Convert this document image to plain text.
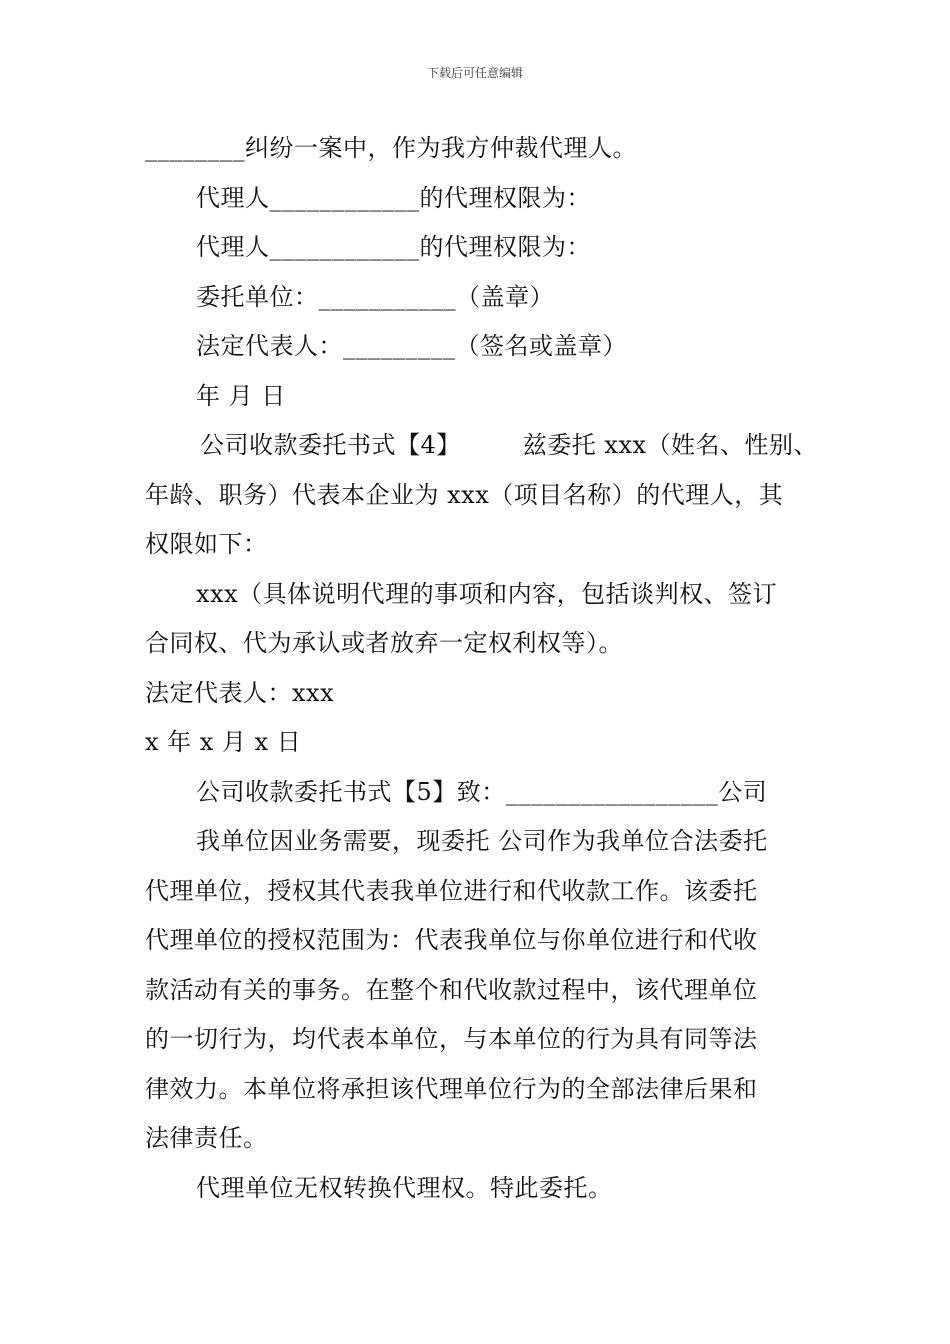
下载后可任意编辑
________纠纷一案中，作为我方仲裁代理人。
代理人____________的代理权限为：
代理人____________的代理权限为：
委托单位：___________（盖章）
法定代表人：_________（签名或盖章）
年 月 日
公司收款委托书式【4】	兹委托 xxx（姓名、性别、
年龄、职务）代表本企业为 xxx（项目名称）的代理人，其
权限如下：
xxx（具体说明代理的事项和内容，包括谈判权、签订
合同权、代为承认或者放弃一定权利权等）。
法定代表人：xxx
x 年 x 月 x 日
公司收款委托书式【5】致：_________________公司
我单位因业务需要，现委托 公司作为我单位合法委托
代理单位，授权其代表我单位进行和代收款工作。该委托
代理单位的授权范围为：代表我单位与你单位进行和代收
款活动有关的事务。在整个和代收款过程中，该代理单位
的一切行为，均代表本单位，与本单位的行为具有同等法
律效力。本单位将承担该代理单位行为的全部法律后果和
法律责任。
代理单位无权转换代理权。特此委托。
